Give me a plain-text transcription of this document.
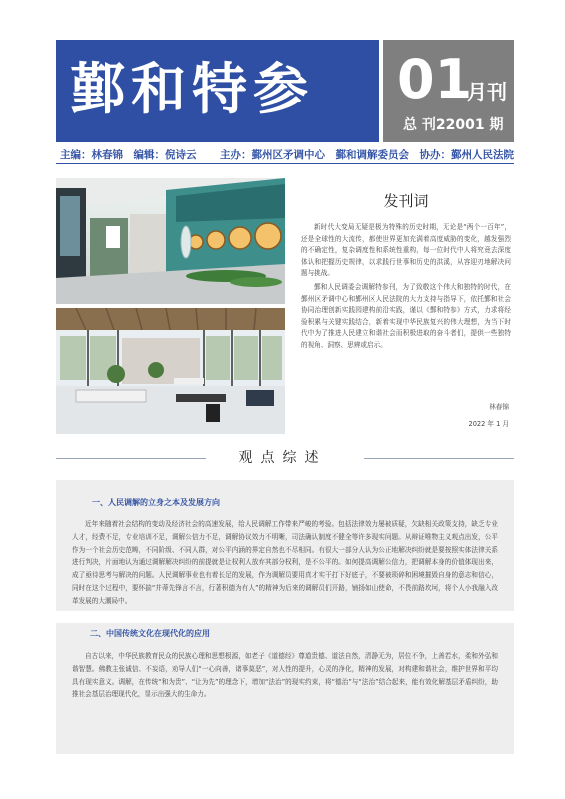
鄞和特参 01
月刊
总 刊22001 期
主编：林春锦　编辑：倪诗云 主办：鄞州区矛调中心　鄞和调解委员会　协办：鄞州人民法院
发刊词

新时代大变局无疑是极为特殊的历史时期，无论是“两个一百年”，还是全球性的大流传，都使世界更加充满着高度威胁的变化，越发强烈的不确定性，复杂调度性和系统性重构，每一位时代中人将究竟去深度体认和把握历史规律，以求践行世事和历史的洪溪，从容迎刃地解决问题与挑战。

鄞和人民调委会调解特参刊，为了致敬这个伟大和独特的时代，在鄞州区矛调中心和鄞州区人民法院的大力支持与指导下，依托鄞和社会协同治理创新实践园建构前沿实践，谨以《鄞和特参》方式，力求将经验积累与关键实践结合，新着实现中华民族复兴的伟大理想，为当下时代中为了推进人民建立和谐社会而积极进取的奋斗者们，提供一些独特的视角、洞察、思辨或启示。

林春锦
2022 年 1 月
观点综述
一、人民调解的立身之本及发展方向
近年来随着社会结构的变动及经济社会的高速发展，给人民调解工作带来严峻的考验。包括法律效力屡被质疑，欠缺相关政策支持，缺乏专业人才，经费不足，专业培训不足，调解公信力不足，调解协议效力不明晰，司法确认制度不健全等许多现实问题。从辩证唯物主义观点出发，公平作为一个社会历史范畴，不同阶级、不同人群，对公平内涵的界定自然也不尽相同。有很大一部分人认为公正地解决纠纷就是要按照实体法律关系进行判决，片面地认为通过调解解决纠纷的前提就是让权利人放弃其部分权利，是不公平的。如何提高调解公信力，把调解本身的价值体现出来，成了亟待思考与解决的问题。人民调解事业也有着长足的发展，作为调解员要用真才实干打下好底子，不要被琐碎和困境摧毁自身的意志和信心，同时在这个过程中，要怀揣“并蒂先锋言不言，行著积德为有人”的精神为后来的调解员们开路，铺扬如山使命，不畏前路坎坷，将个人小我融入改革发展的大潮局中。
二、中国传统文化在现代化的应用
自古以来，中华民族教育民众的民族心理和思想根源，如老子《道德经》尊道贵德、道法自然，清静无为，居位不争，上善若水，柔和外弘和谐智慧。佛教主张诚信、不妄语，劝导人们“一心向善，诸事莫恶”，对人性的提升，心灵的净化，精神的发展，对构建和谐社会，维护世界和平均具有现实意义。调解，在传统“和为贵”、“让为先”的理念下，增加“法治”的现实约束，将“德治”与“法治”结合起来，能有效化解基层矛盾纠纷，助推社会基层治理现代化，显示出强大的生命力。
